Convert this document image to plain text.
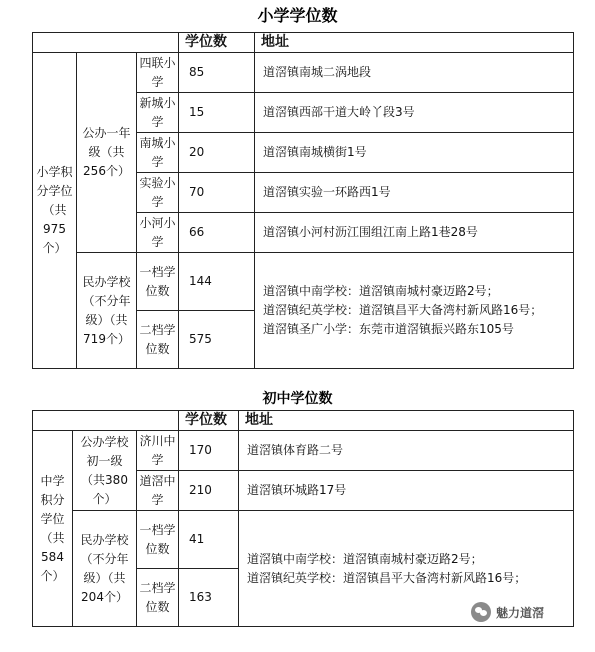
小学学位数
			学位数	地址
小学积分学位（共975个）	公办一年级（共256个）	四联小学	85	道滘镇南城二涡地段
		新城小学	15	道滘镇西部干道大岭丫段3号
		南城小学	20	道滘镇南城横街1号
		实验小学	70	道滘镇实验一环路西1号
		小河小学	66	道滘镇小河村沥江围组江南上路1巷28号
	民办学校（不分年级）（共719个）	一档学位数	144	道滘镇中南学校：道滘镇南城村豪迈路2号；
道滘镇纪英学校：道滘镇昌平大备湾村新风路16号；
道滘镇圣广小学：东莞市道滘镇振兴路东105号

		二档学位数	575	
初中学位数
			学位数	地址
中学积分学位（共584个）	公办学校初一级（共380个）	济川中学	170	道滘镇体育路二号
		道滘中学	210	道滘镇环城路17号
	民办学校（不分年级）（共204个）	一档学位数	41	道滘镇中南学校：道滘镇南城村豪迈路2号；
道滘镇纪英学校：道滘镇昌平大备湾村新风路16号；

		二档学位数	163	
魅力道滘
